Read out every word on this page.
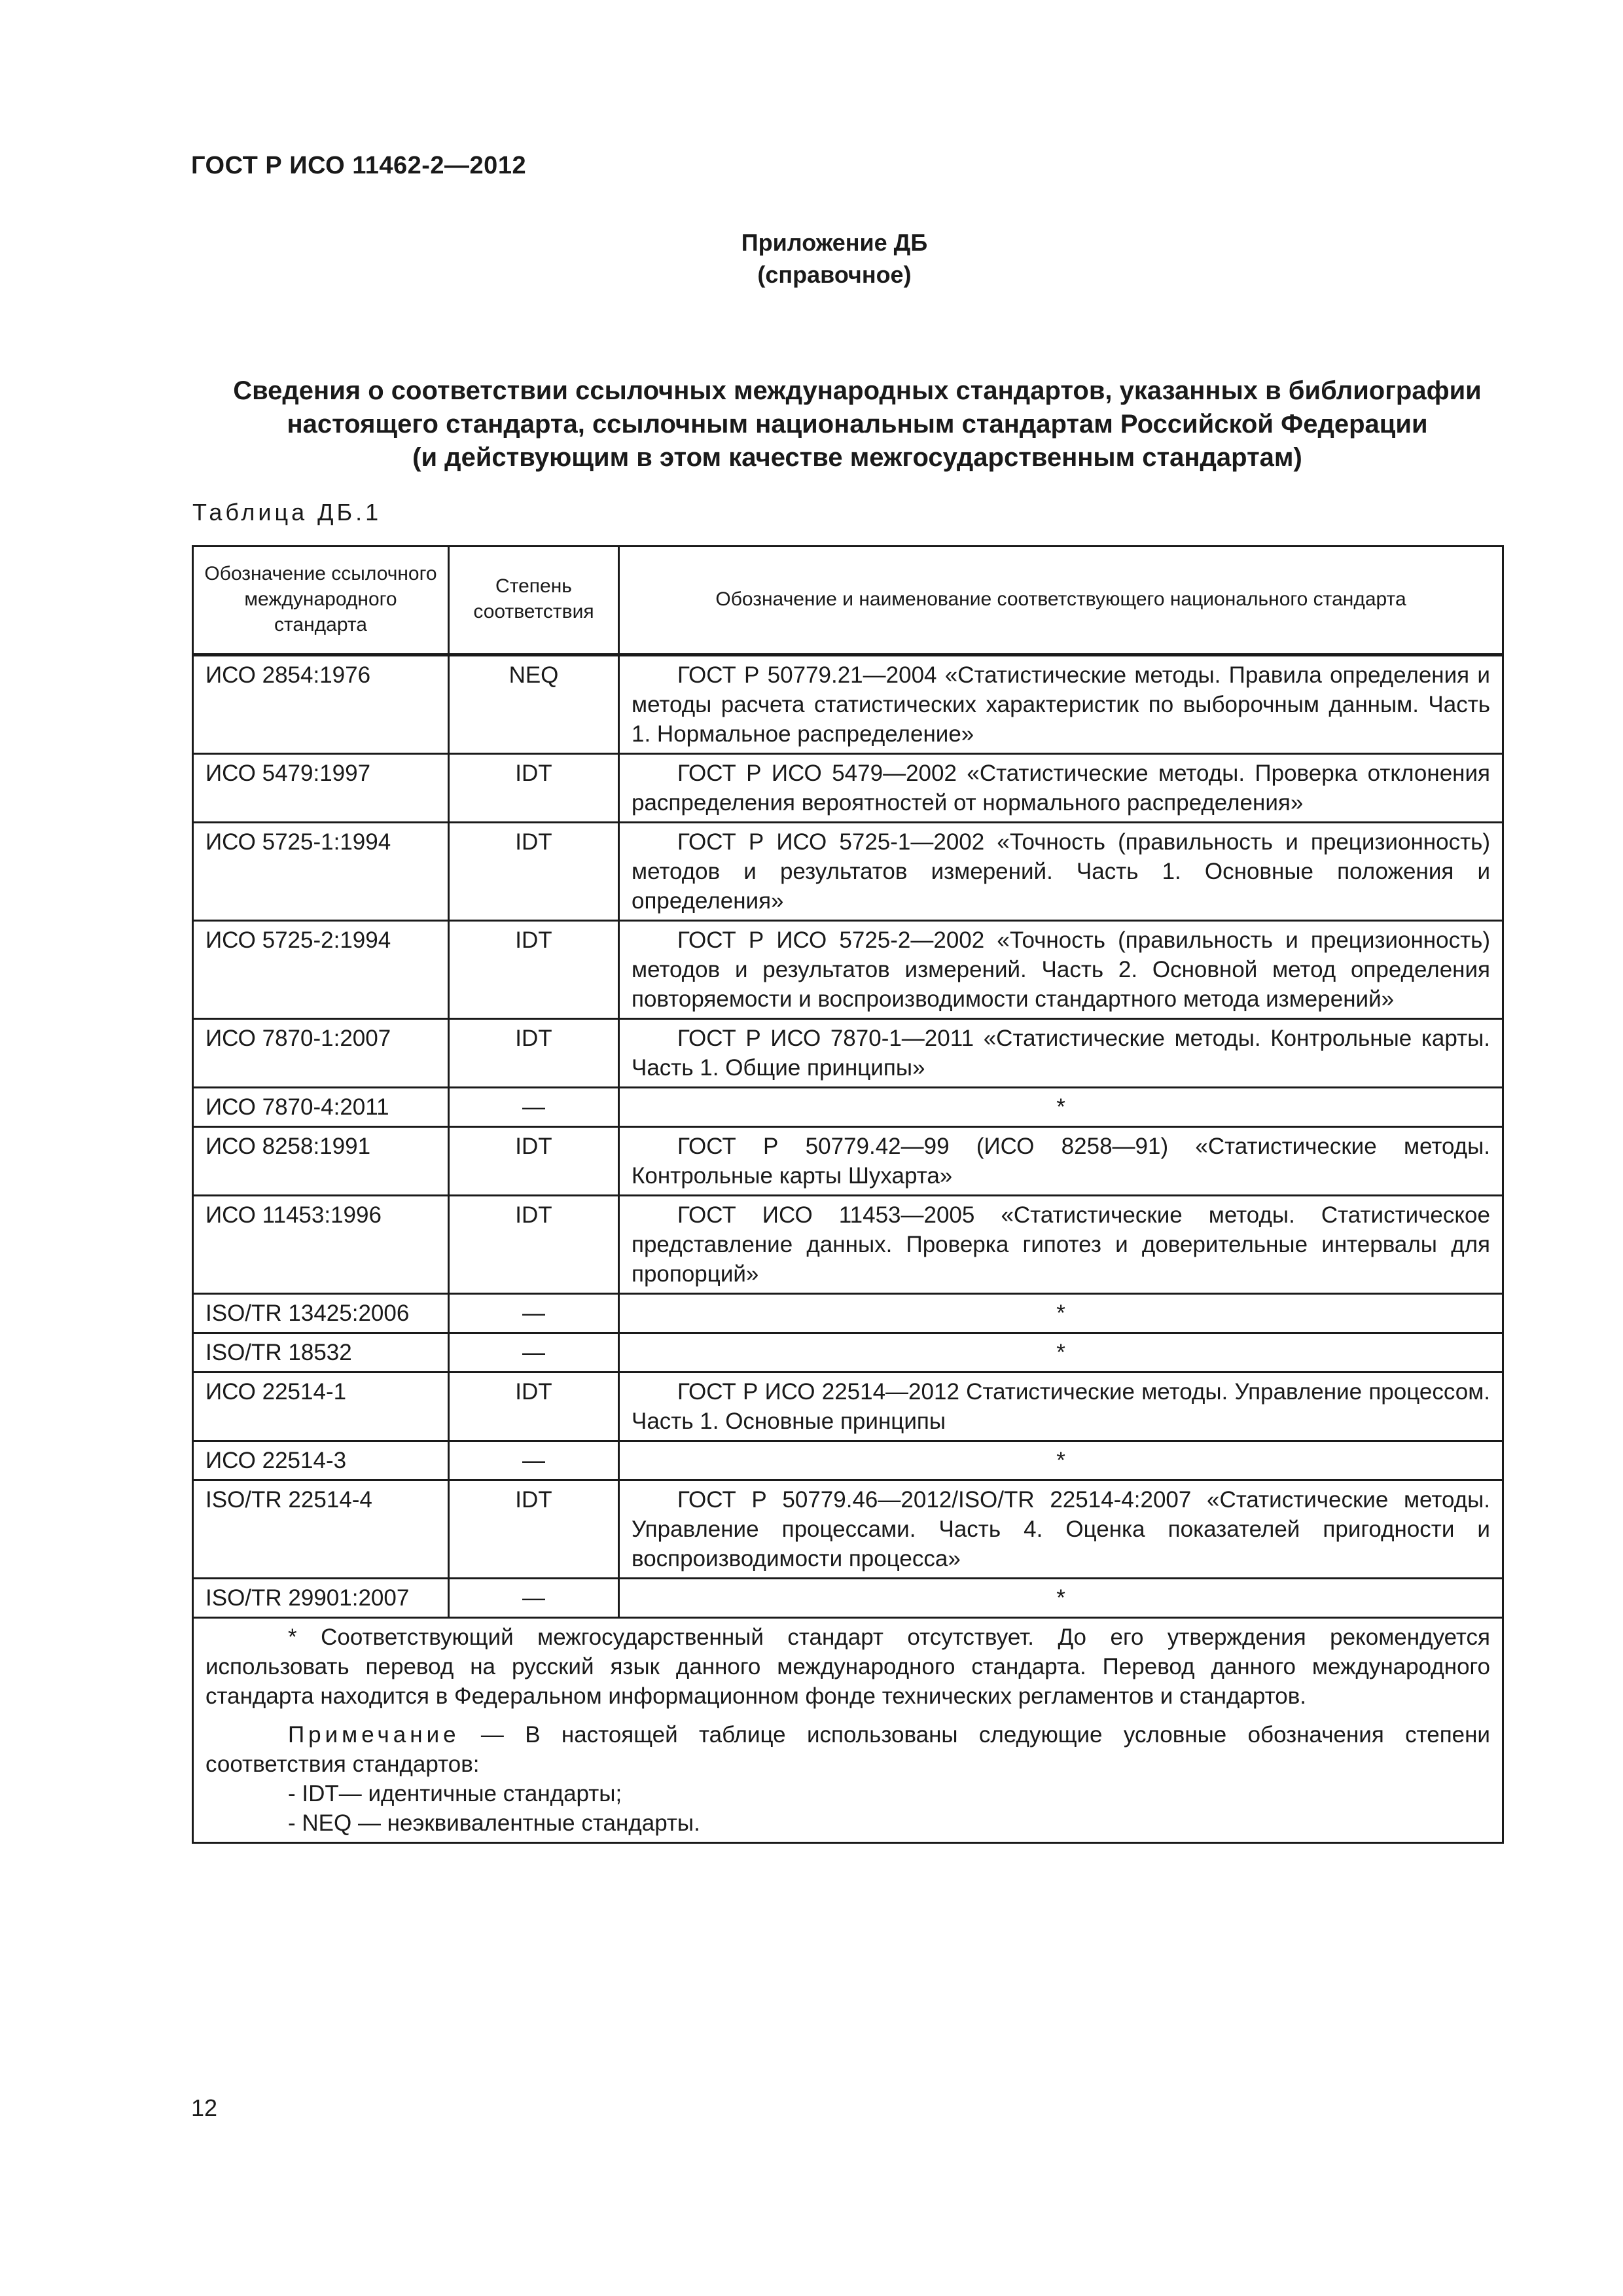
ГОСТ Р ИСО 11462-2—2012
Приложение ДБ
(справочное)
Сведения о соответствии ссылочных международных стандартов, указанных в библиографии
настоящего стандарта, ссылочным национальным стандартам Российской Федерации
(и действующим в этом качестве межгосударственным стандартам)
Таблица ДБ.1
Обозначение ссылочного международного стандарта	Степень соответствия	Обозначение и наименование соответствующего национального стандарта
ИСО 2854:1976	NEQ	ГОСТ Р 50779.21—2004 «Статистические методы. Правила определения и методы расчета статистических характеристик по выборочным данным. Часть 1. Нормальное распределение»

ИСО 5479:1997	IDT	ГОСТ Р ИСО 5479—2002 «Статистические методы. Проверка отклонения распределения вероятностей от нормального распределения»

ИСО 5725-1:1994	IDT	ГОСТ Р ИСО 5725-1—2002 «Точность (правильность и прецизионность) методов и результатов измерений. Часть 1. Основные положения и определения»

ИСО 5725-2:1994	IDT	ГОСТ Р ИСО 5725-2—2002 «Точность (правильность и прецизионность) методов и результатов измерений. Часть 2. Основной метод определения повторяемости и воспроизводимости стандартного метода измерений»

ИСО 7870-1:2007	IDT	ГОСТ Р ИСО 7870-1—2011 «Статистические методы. Контрольные карты. Часть 1. Общие принципы»

ИСО 7870-4:2011	—	*
ИСО 8258:1991	IDT	ГОСТ Р 50779.42—99 (ИСО 8258—91) «Статистические методы. Контрольные карты Шухарта»

ИСО 11453:1996	IDT	ГОСТ ИСО 11453—2005 «Статистические методы. Статистическое представление данных. Проверка гипотез и доверительные интервалы для пропорций»

ISO/TR 13425:2006	—	*
ISO/TR 18532	—	*
ИСО 22514-1	IDT	ГОСТ Р ИСО 22514—2012 Статистические методы. Управление процессом. Часть 1. Основные принципы

ИСО 22514-3	—	*
ISO/TR 22514-4	IDT	ГОСТ Р 50779.46—2012/ISO/TR 22514-4:2007 «Статистические методы. Управление процессами. Часть 4. Оценка показателей пригодности и воспроизводимости процесса»

ISO/TR 29901:2007	—	*

* Соответствующий межгосударственный стандарт отсутствует. До его утверждения рекомендуется использовать перевод на русский язык данного международного стандарта. Перевод данного международного стандарта находится в Федеральном информационном фонде технических регламентов и стандартов.

Примечание — В настоящей таблице использованы следующие условные обозначения степени соответствия стандартов:

- IDT— идентичные стандарты;

- NEQ — неэквивалентные стандарты.		

12
